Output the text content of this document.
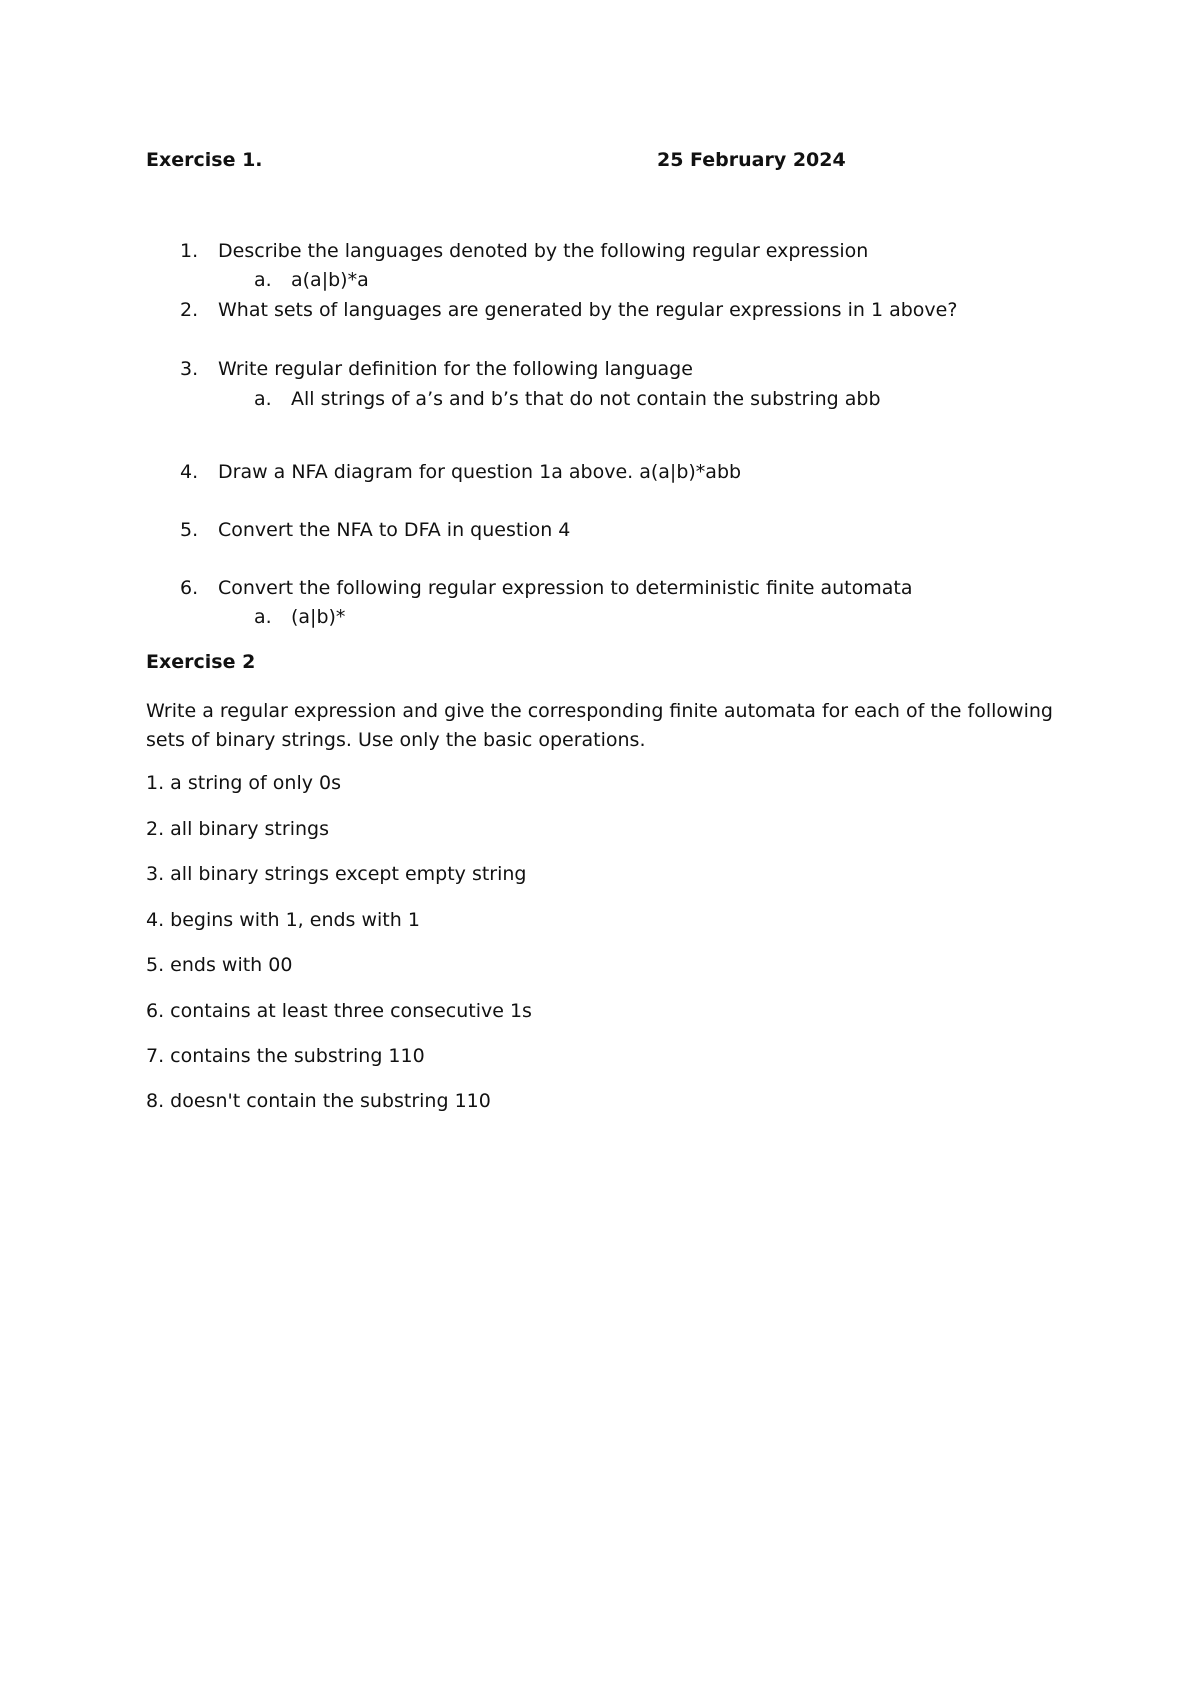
Exercise 1.	25 February 2024
1. Describe the languages denoted by the following regular expression
a. a(a|b)*a
2. What sets of languages are generated by the regular expressions in 1 above?
3. Write regular definition for the following language
a. All strings of a’s and b’s that do not contain the substring abb
4. Draw a NFA diagram for question 1a above. a(a|b)*abb
5. Convert the NFA to DFA in question 4
6. Convert the following regular expression to deterministic finite automata
a. (a|b)*
Exercise 2
Write a regular expression and give the corresponding finite automata for each of the following sets of binary strings. Use only the basic operations.
1. a string of only 0s
2. all binary strings
3. all binary strings except empty string
4. begins with 1, ends with 1
5. ends with 00
6. contains at least three consecutive 1s
7. contains the substring 110
8. doesn't contain the substring 110
